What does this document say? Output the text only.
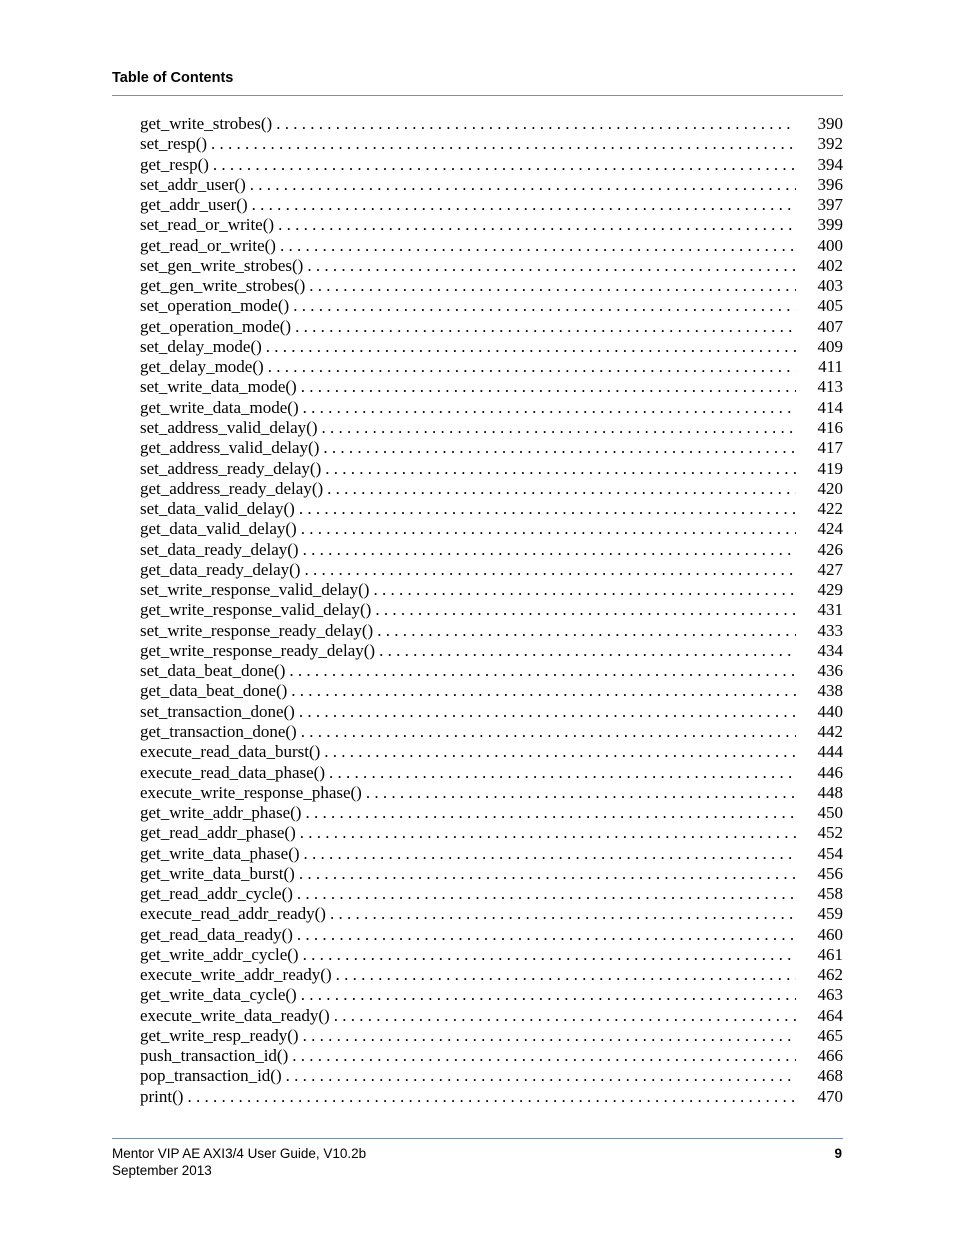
Table of Contents
get_write_strobes() . . .	390
set_resp() . . .	392
get_resp() . . .	394
set_addr_user() . . .	396
get_addr_user() . . .	397
set_read_or_write() . . .	399
get_read_or_write() . . .	400
set_gen_write_strobes() . . .	402
get_gen_write_strobes() . . .	403
set_operation_mode() . . .	405
get_operation_mode() . . .	407
set_delay_mode() . . .	409
get_delay_mode() . . .	411
set_write_data_mode() . . .	413
get_write_data_mode() . . .	414
set_address_valid_delay() . . .	416
get_address_valid_delay() . . .	417
set_address_ready_delay() . . .	419
get_address_ready_delay() . . .	420
set_data_valid_delay() . . .	422
get_data_valid_delay() . . .	424
set_data_ready_delay() . . .	426
get_data_ready_delay() . . .	427
set_write_response_valid_delay() . . .	429
get_write_response_valid_delay() . . .	431
set_write_response_ready_delay() . . .	433
get_write_response_ready_delay() . . .	434
set_data_beat_done() . . .	436
get_data_beat_done() . . .	438
set_transaction_done() . . .	440
get_transaction_done() . . .	442
execute_read_data_burst() . . .	444
execute_read_data_phase() . . .	446
execute_write_response_phase() . . .	448
get_write_addr_phase() . . .	450
get_read_addr_phase() . . .	452
get_write_data_phase() . . .	454
get_write_data_burst() . . .	456
get_read_addr_cycle() . . .	458
execute_read_addr_ready() . . .	459
get_read_data_ready() . . .	460
get_write_addr_cycle() . . .	461
execute_write_addr_ready() . . .	462
get_write_data_cycle() . . .	463
execute_write_data_ready() . . .	464
get_write_resp_ready() . . .	465
push_transaction_id() . . .	466
pop_transaction_id() . . .	468
print() . . .	470
Mentor VIP AE AXI3/4 User Guide, V10.2b
September 2013
9
